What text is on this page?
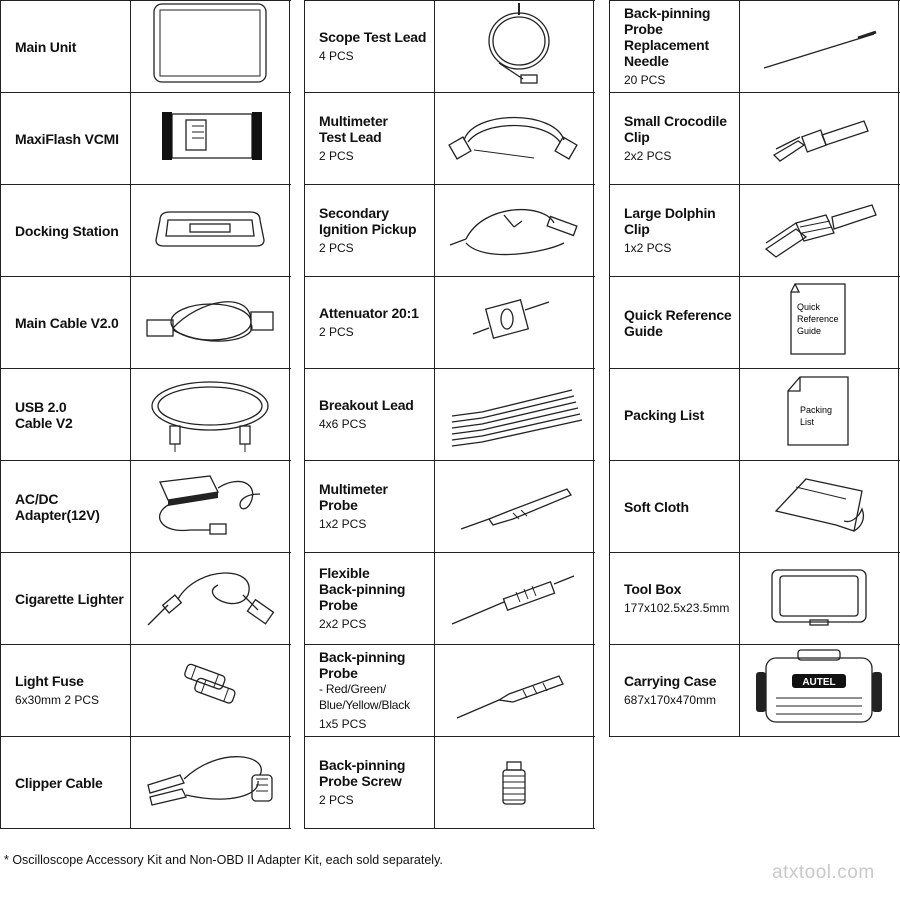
Main Unit
AUTEL
MaxiFlash VCMI
Docking Station
Main Cable V2.0
USB 2.0
Cable V2
AC/DC
Adapter(12V)
Cigarette Lighter
Light Fuse
6x30mm 2 PCS
Clipper Cable
Scope Test Lead
4 PCS
Multimeter
Test Lead
2 PCS
Secondary
Ignition Pickup
2 PCS
Attenuator 20:1
2 PCS
Breakout Lead
4x6 PCS
Multimeter
Probe
1x2 PCS
Flexible
Back-pinning
Probe
2x2 PCS
Back-pinning
Probe
- Red/Green/
Blue/Yellow/Black
1x5 PCS
Back-pinning
Probe Screw
2 PCS
Back-pinning
Probe
Replacement
Needle
20 PCS
Small Crocodile
Clip
2x2 PCS
Large Dolphin
Clip
1x2 PCS
Quick Reference
Guide
Quick
Reference
Guide
Packing List	Packing
List
Soft Cloth
Tool Box
177x102.5x23.5mm
Carrying Case
687x170x470mm
AUTEL
* Oscilloscope Accessory Kit and Non-OBD II Adapter Kit, each sold separately.
atxtool.com
